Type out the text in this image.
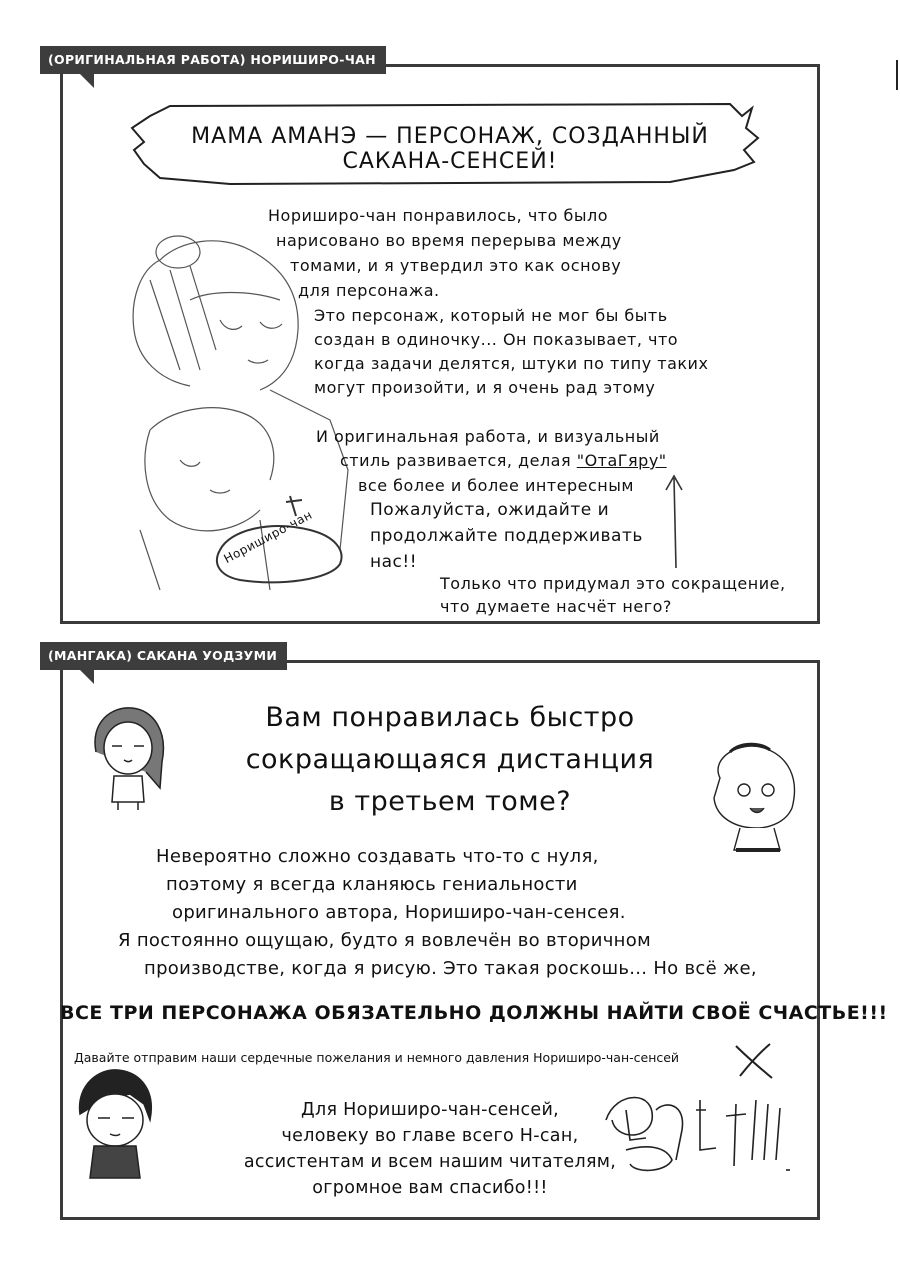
(ОРИГИНАЛЬНАЯ РАБОТА) НОРИШИРО-ЧАН
МАМА АМАНЭ — ПЕРСОНАЖ, СОЗДАННЫЙ САКАНА-СЕНСЕЙ!
Нориширо-чан
Нориширо-чан понравилось, что было
нарисовано во время перерыва между
томами, и я утвердил это как основу
для персонажа.
Это персонаж, который не мог бы быть
создан в одиночку... Он показывает, что
когда задачи делятся, штуки по типу таких
могут произойти, и я очень рад этому
И оригинальная работа, и визуальный
стиль развивается, делая "ОтаГяру"
все более и более интересным
Пожалуйста, ожидайте и
продолжайте поддерживать
нас!!
Только что придумал это сокращение,
что думаете насчёт него?
(МАНГАКА) САКАНА УОДЗУМИ
Вам понравилась быстро
сокращающаяся дистанция
в третьем томе?
Невероятно сложно создавать что-то с нуля,
поэтому я всегда кланяюсь гениальности
оригинального автора, Нориширо-чан-сенсея.
Я постоянно ощущаю, будто я вовлечён во вторичном
производстве, когда я рисую. Это такая роскошь... Но всё же,
ВСЕ ТРИ ПЕРСОНАЖА ОБЯЗАТЕЛЬНО ДОЛЖНЫ НАЙТИ СВОЁ СЧАСТЬЕ!!!
Давайте отправим наши сердечные пожелания и немного давления Нориширо-чан-сенсей
Для Нориширо-чан-сенсей,
человеку во главе всего Н-сан,
ассистентам и всем нашим читателям,
огромное вам спасибо!!!
